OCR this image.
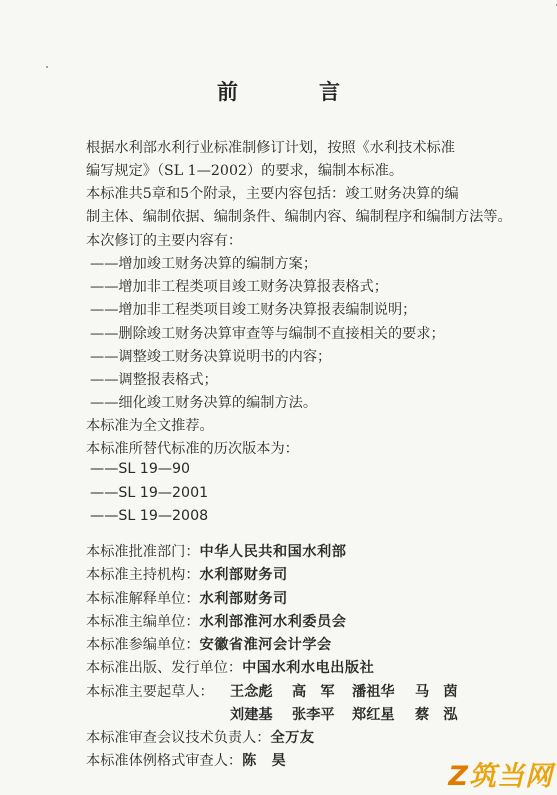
前　言
根据水利部水利行业标准制修订计划，按照《水利技术标准
编写规定》（SL 1—2002）的要求，编制本标准。
本标准共5章和5个附录，主要内容包括：竣工财务决算的编
制主体、编制依据、编制条件、编制内容、编制程序和编制方法等。
本次修订的主要内容有：
——增加竣工财务决算的编制方案；
——增加非工程类项目竣工财务决算报表格式；
——增加非工程类项目竣工财务决算报表编制说明；
——删除竣工财务决算审查等与编制不直接相关的要求；
——调整竣工财务决算说明书的内容；
——调整报表格式；
——细化竣工财务决算的编制方法。
本标准为全文推荐。
本标准所替代标准的历次版本为：
——SL 19—90
——SL 19—2001
——SL 19—2008
本标准批准部门：中华人民共和国水利部
本标准主持机构：水利部财务司
本标准解释单位：水利部财务司
本标准主编单位：水利部淮河水利委员会
本标准参编单位：安徽省淮河会计学会
本标准出版、发行单位：中国水利水电出版社
本标准主要起草人： 王念彪 高　军 潘祖华 马　茵
刘建基 张李平 郑红星 蔡　泓
本标准审查会议技术负责人：全万友
本标准体例格式审查人：陈　昊	Z筑当网
